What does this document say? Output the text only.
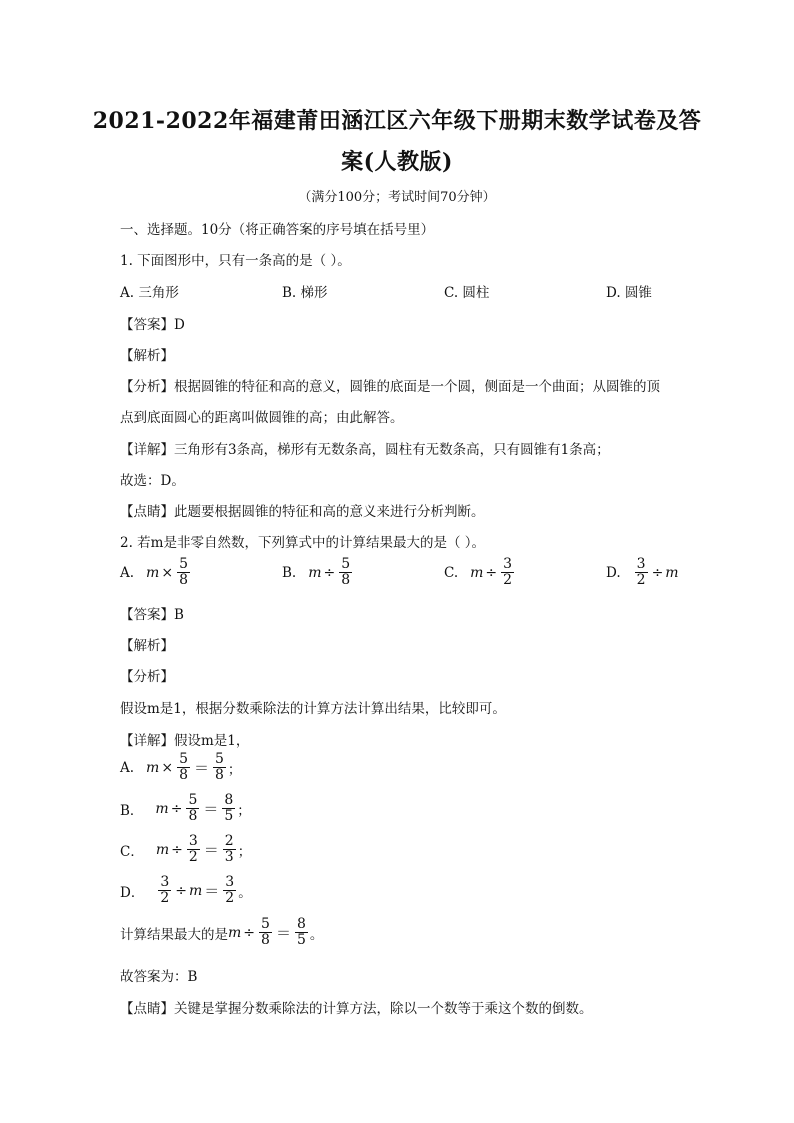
2021-2022年福建莆田涵江区六年级下册期末数学试卷及答
案(人教版)
（满分100分；考试时间70分钟）
一、选择题。10分（将正确答案的序号填在括号里）
1. 下面图形中，只有一条高的是（ ）。
A. 三角形	B. 梯形	C. 圆柱	D. 圆锥
【答案】D
【解析】
【分析】根据圆锥的特征和高的意义，圆锥的底面是一个圆，侧面是一个曲面；从圆锥的顶
点到底面圆心的距离叫做圆锥的高；由此解答。
【详解】三角形有3条高，梯形有无数条高，圆柱有无数条高，只有圆锥有1条高；
故选：D。
【点睛】此题要根据圆锥的特征和高的意义来进行分析判断。
2. 若m是非零自然数，下列算式中的计算结果最大的是（ ）。
A. $m \times \frac{5}{8}$	B. $m \div \frac{5}{8}$	C. $m \div \frac{3}{2}$	D. $\frac{3}{2} \div m$
【答案】B
【解析】
【分析】
假设m是1，根据分数乘除法的计算方法计算出结果，比较即可。
【详解】假设m是1，
A. $m \times \frac{5}{8} = \frac{5}{8}$ ；
B． $m \div \frac{5}{8} = \frac{8}{5}$ ；
C． $m \div \frac{3}{2} = \frac{2}{3}$ ；
D． $\frac{3}{2} \div m = \frac{3}{2}$ 。
计算结果最大的是 $m \div \frac{5}{8} = \frac{8}{5}$ 。
故答案为：B
【点睛】关键是掌握分数乘除法的计算方法，除以一个数等于乘这个数的倒数。
